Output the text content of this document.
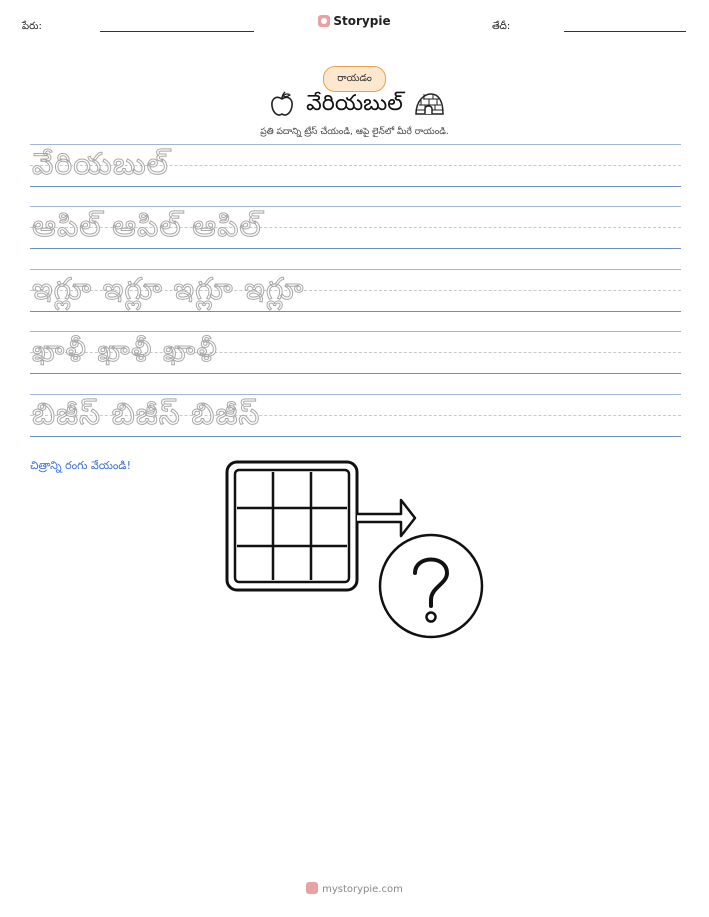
పేరు:	తేదీ:
Storypie
రాయడం
వేరియబుల్
ప్రతి పదాన్ని ట్రేస్ చేయండి, ఆపై లైన్‌లో మీరే రాయండి.
వేరియబుల్
ఆపిల్ ఆపిల్ ఆపిల్
ఇగ్లూ ఇగ్లూ ఇగ్లూ ఇగ్లూ
ఖాళీ ఖాళీ ఖాళీ
బిజీస్ బిజీస్ బిజీస్
చిత్రాన్ని రంగు వేయండి!
mystorypie.com
